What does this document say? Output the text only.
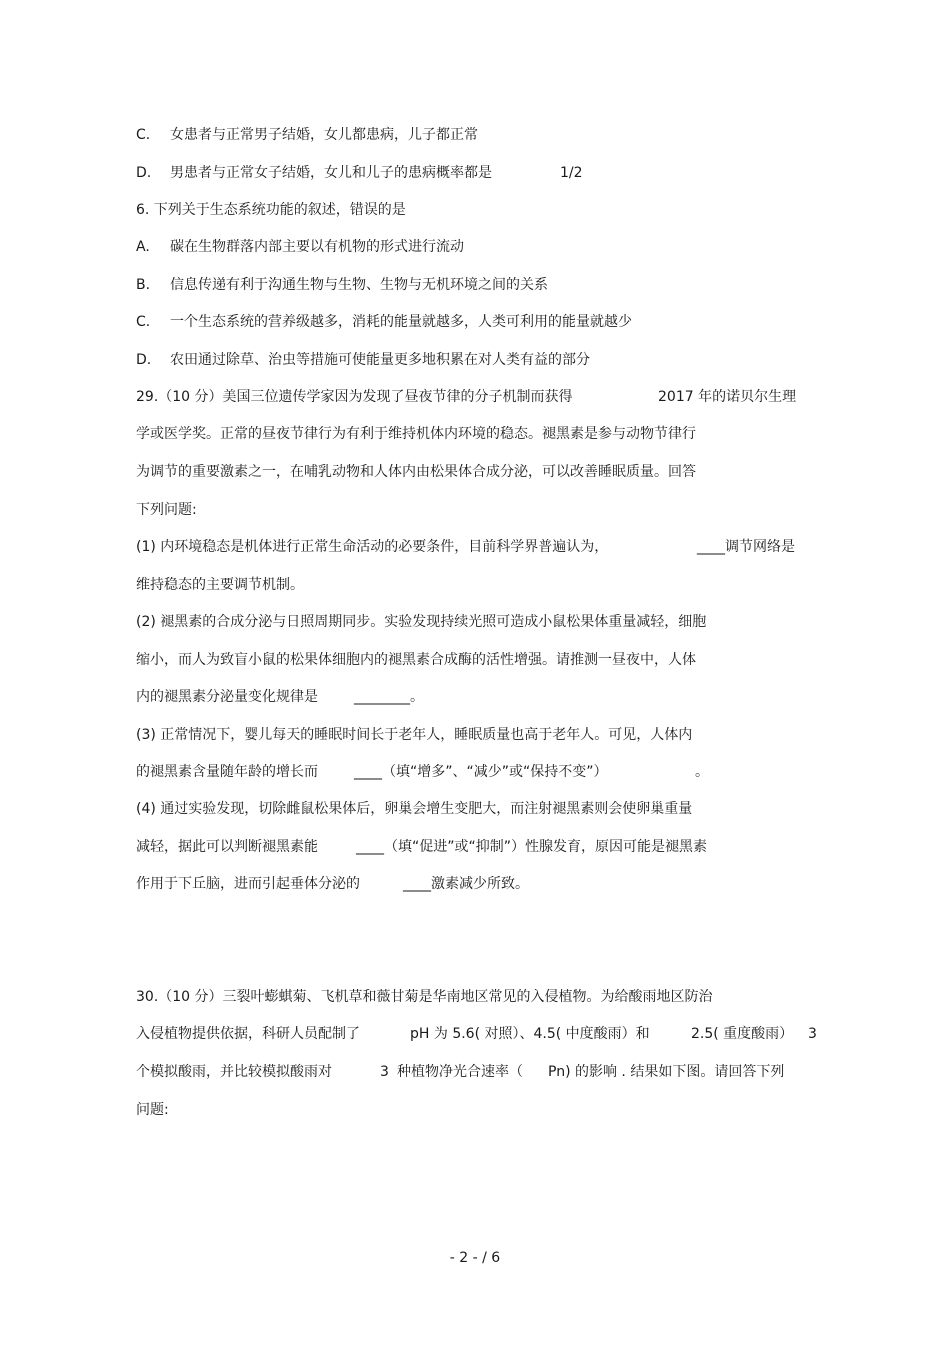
C. 女患者与正常男子结婚，女儿都患病，儿子都正常
D. 男患者与正常女子结婚，女儿和儿子的患病概率都是	1/2
6. 下列关于生态系统功能的叙述，错误的是
A. 碳在生物群落内部主要以有机物的形式进行流动
B. 信息传递有利于沟通生物与生物、生物与无机环境之间的关系
C. 一个生态系统的营养级越多，消耗的能量就越多，人类可利用的能量就越少
D. 农田通过除草、治虫等措施可使能量更多地积累在对人类有益的部分
29.（10 分）美国三位遗传学家因为发现了昼夜节律的分子机制而获得	2017 年的诺贝尔生理
学或医学奖。正常的昼夜节律行为有利于维持机体内环境的稳态。褪黑素是参与动物节律行
为调节的重要激素之一，在哺乳动物和人体内由松果体合成分泌，可以改善睡眠质量。回答
下列问题:
(1) 内环境稳态是机体进行正常生命活动的必要条件，目前科学界普遍认为，	____调节网络是
维持稳态的主要调节机制。
(2) 褪黑素的合成分泌与日照周期同步。实验发现持续光照可造成小鼠松果体重量减轻，细胞
缩小，而人为致盲小鼠的松果体细胞内的褪黑素合成酶的活性增强。请推测一昼夜中，人体
内的褪黑素分泌量变化规律是	________。
(3) 正常情况下，婴儿每天的睡眠时间长于老年人，睡眠质量也高于老年人。可见，人体内
的褪黑素含量随年龄的增长而	____（填“增多”、“减少”或“保持不变”）	。
(4) 通过实验发现，切除雌鼠松果体后，卵巢会增生变肥大，而注射褪黑素则会使卵巢重量
减轻，据此可以判断褪黑素能	____（填“促进”或“抑制”）性腺发育，原因可能是褪黑素
作用于下丘脑，进而引起垂体分泌的	____激素减少所致。
30.（10 分）三裂叶蟛蜞菊、飞机草和薇甘菊是华南地区常见的入侵植物。为给酸雨地区防治
入侵植物提供依据，科研人员配制了	pH 为 5.6( 对照）、4.5( 中度酸雨）和	2.5( 重度酸雨） 3
个模拟酸雨，并比较模拟酸雨对	3 种植物净光合速率（ Pn) 的影响 . 结果如下图。请回答下列
问题:
- 2 - / 6
